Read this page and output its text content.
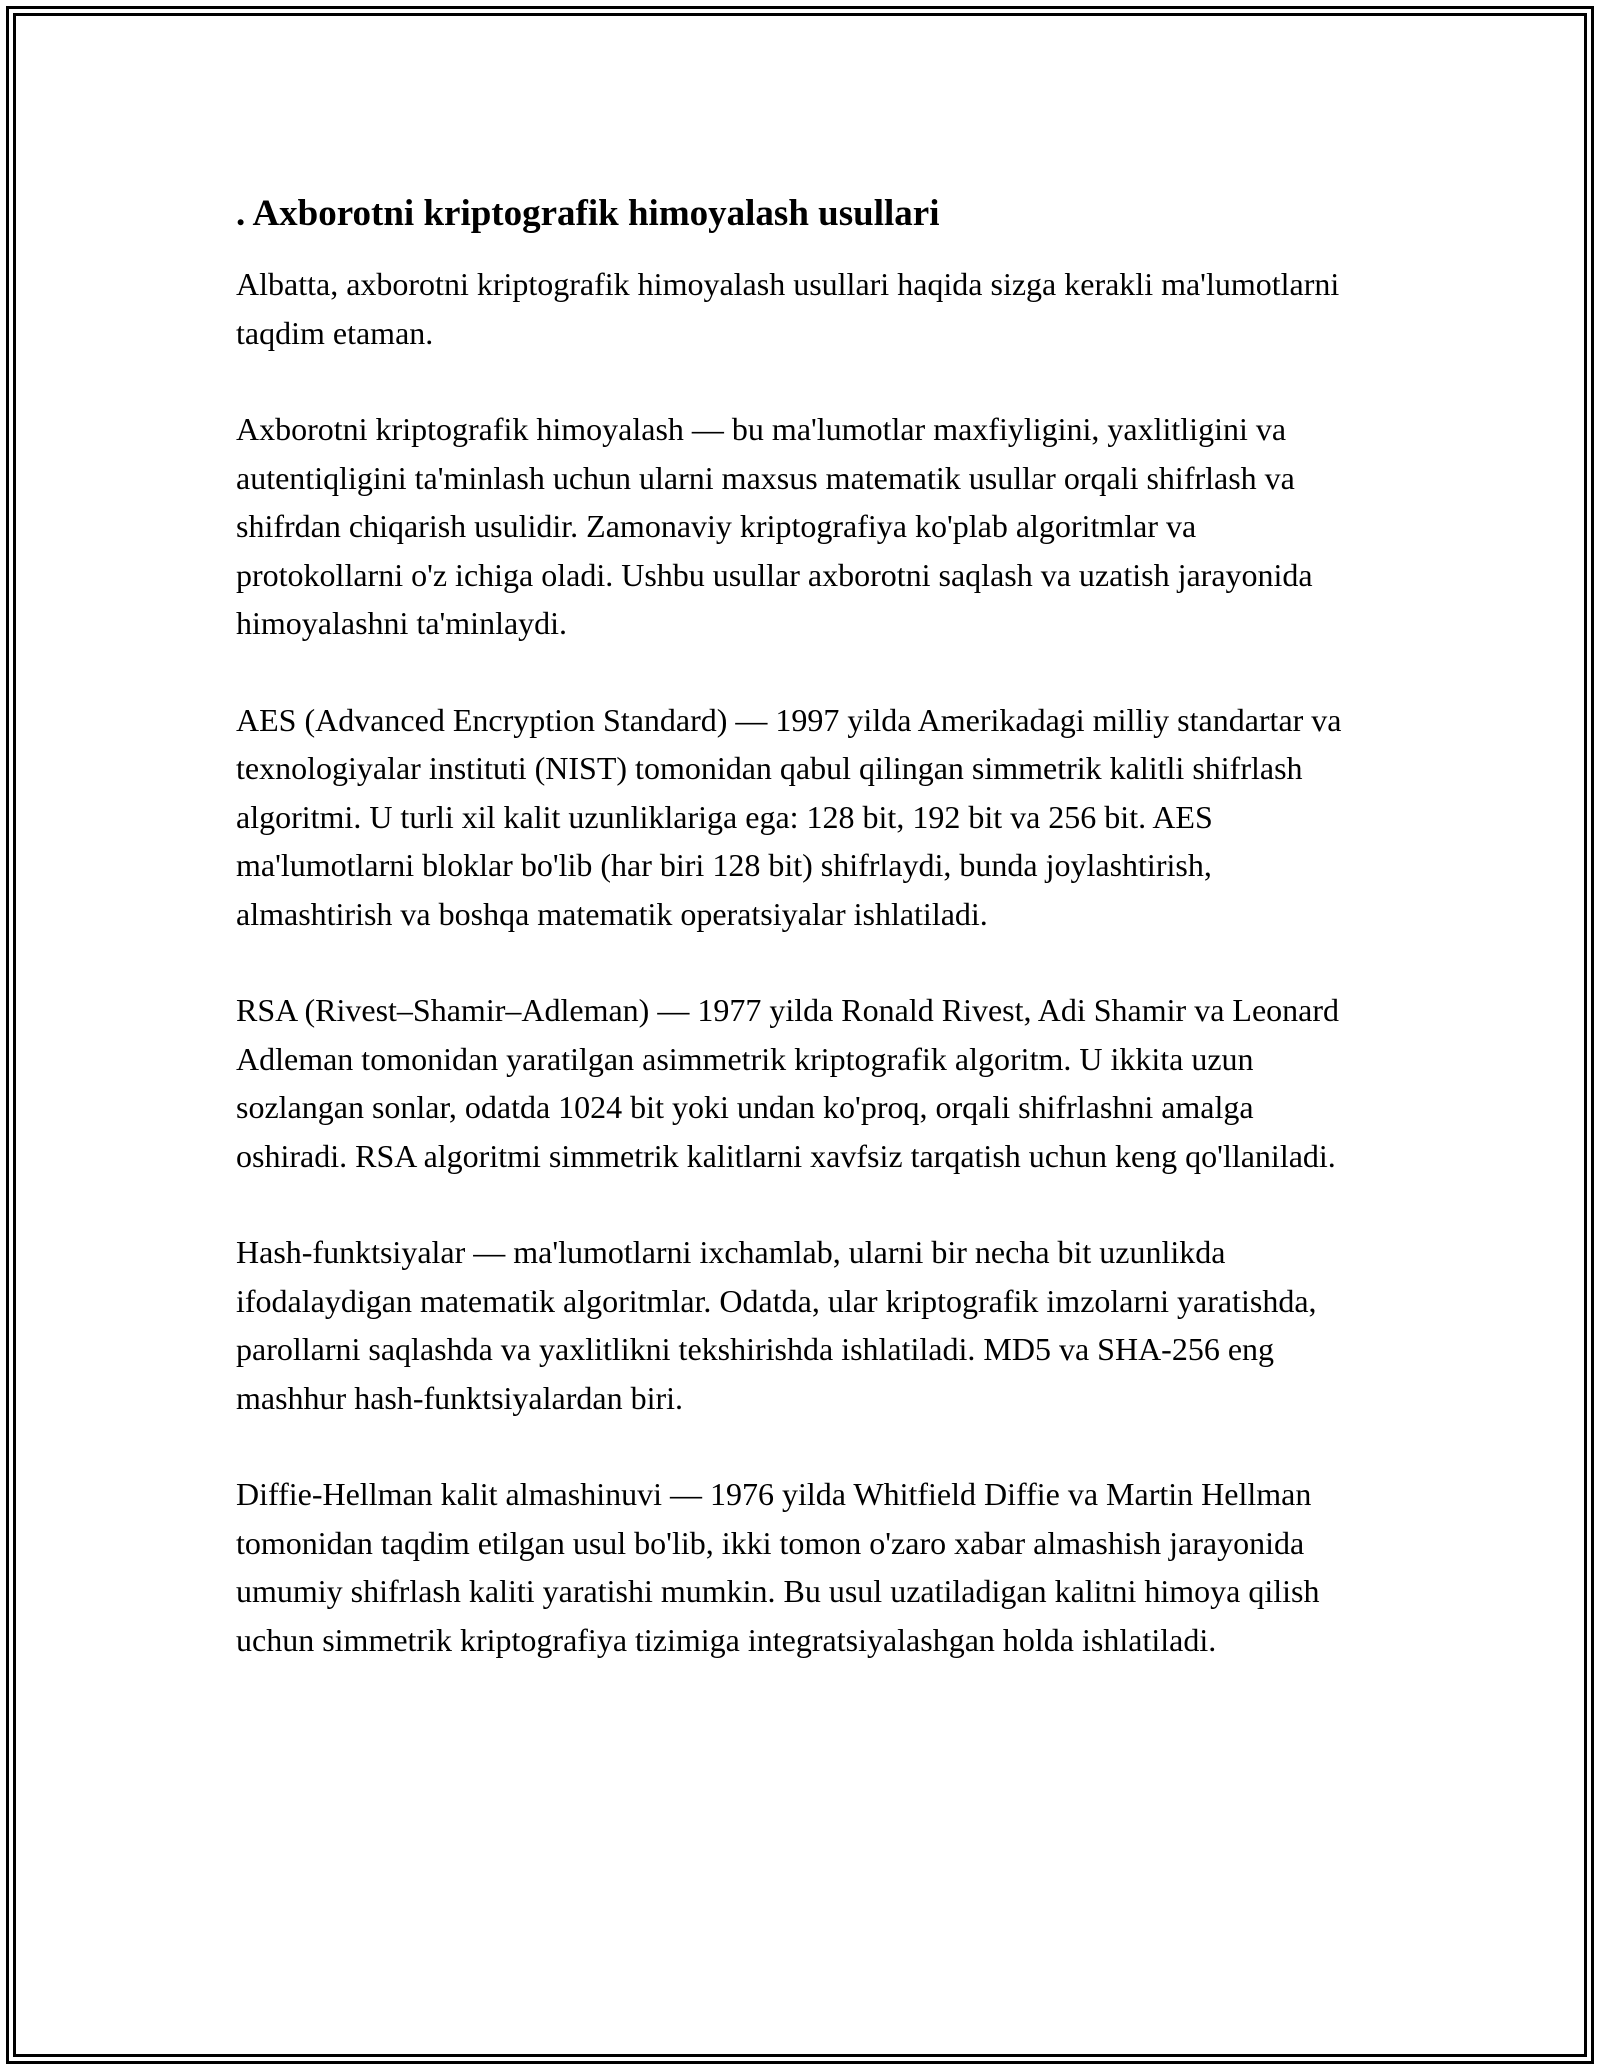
. Axborotni kriptografik himoyalash usullari

Albatta, axborotni kriptografik himoyalash usullari haqida sizga kerakli ma'lumotlarni taqdim etaman.

Axborotni kriptografik himoyalash — bu ma'lumotlar maxfiyligini, yaxlitligini va autentiqligini ta'minlash uchun ularni maxsus matematik usullar orqali shifrlash va shifrdan chiqarish usulidir. Zamonaviy kriptografiya ko'plab algoritmlar va protokollarni o'z ichiga oladi. Ushbu usullar axborotni saqlash va uzatish jarayonida himoyalashni ta'minlaydi.

AES (Advanced Encryption Standard) — 1997 yilda Amerikadagi milliy standartar va texnologiyalar instituti (NIST) tomonidan qabul qilingan simmetrik kalitli shifrlash algoritmi. U turli xil kalit uzunliklariga ega: 128 bit, 192 bit va 256 bit. AES ma'lumotlarni bloklar bo'lib (har biri 128 bit) shifrlaydi, bunda joylashtirish, almashtirish va boshqa matematik operatsiyalar ishlatiladi.

RSA (Rivest–Shamir–Adleman) — 1977 yilda Ronald Rivest, Adi Shamir va Leonard Adleman tomonidan yaratilgan asimmetrik kriptografik algoritm. U ikkita uzun sozlangan sonlar, odatda 1024 bit yoki undan ko'proq, orqali shifrlashni amalga oshiradi. RSA algoritmi simmetrik kalitlarni xavfsiz tarqatish uchun keng qo'llaniladi.

Hash-funktsiyalar — ma'lumotlarni ixchamlab, ularni bir necha bit uzunlikda ifodalaydigan matematik algoritmlar. Odatda, ular kriptografik imzolarni yaratishda, parollarni saqlashda va yaxlitlikni tekshirishda ishlatiladi. MD5 va SHA-256 eng mashhur hash-funktsiyalardan biri.

Diffie-Hellman kalit almashinuvi — 1976 yilda Whitfield Diffie va Martin Hellman tomonidan taqdim etilgan usul bo'lib, ikki tomon o'zaro xabar almashish jarayonida umumiy shifrlash kaliti yaratishi mumkin. Bu usul uzatiladigan kalitni himoya qilish uchun simmetrik kriptografiya tizimiga integratsiyalashgan holda ishlatiladi.
